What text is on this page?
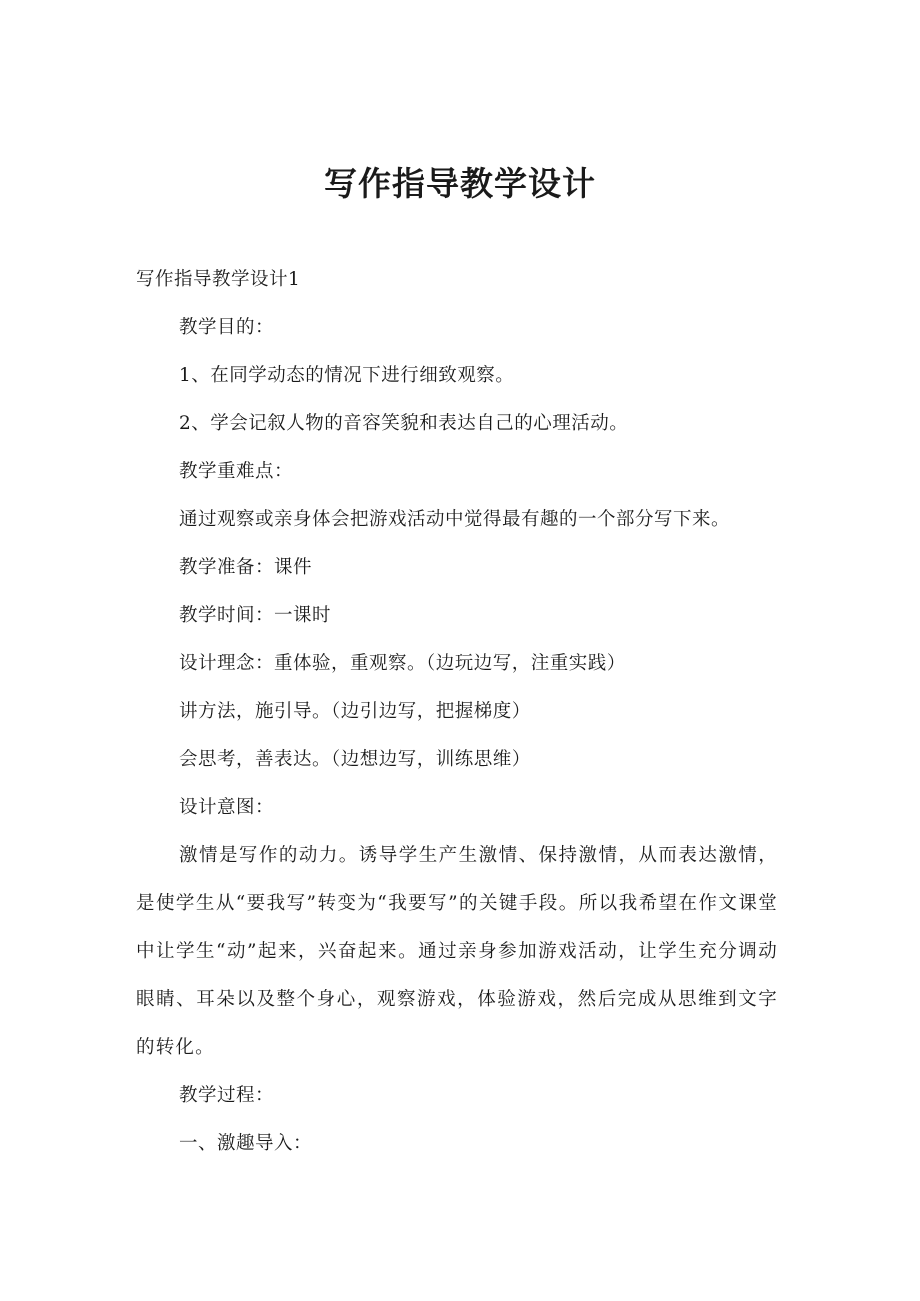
写作指导教学设计

写作指导教学设计1

教学目的：

1、在同学动态的情况下进行细致观察。

2、学会记叙人物的音容笑貌和表达自己的心理活动。

教学重难点：

通过观察或亲身体会把游戏活动中觉得最有趣的一个部分写下来。

教学准备：课件

教学时间：一课时

设计理念：重体验，重观察。（边玩边写，注重实践）

讲方法，施引导。（边引边写，把握梯度）

会思考，善表达。（边想边写，训练思维）

设计意图：

激情是写作的动力。诱导学生产生激情、保持激情，从而表达激情，是使学生从“要我写”转变为“我要写”的关键手段。所以我希望在作文课堂中让学生“动”起来，兴奋起来。通过亲身参加游戏活动，让学生充分调动眼睛、耳朵以及整个身心，观察游戏，体验游戏，然后完成从思维到文字的转化。

教学过程：

一、激趣导入：
